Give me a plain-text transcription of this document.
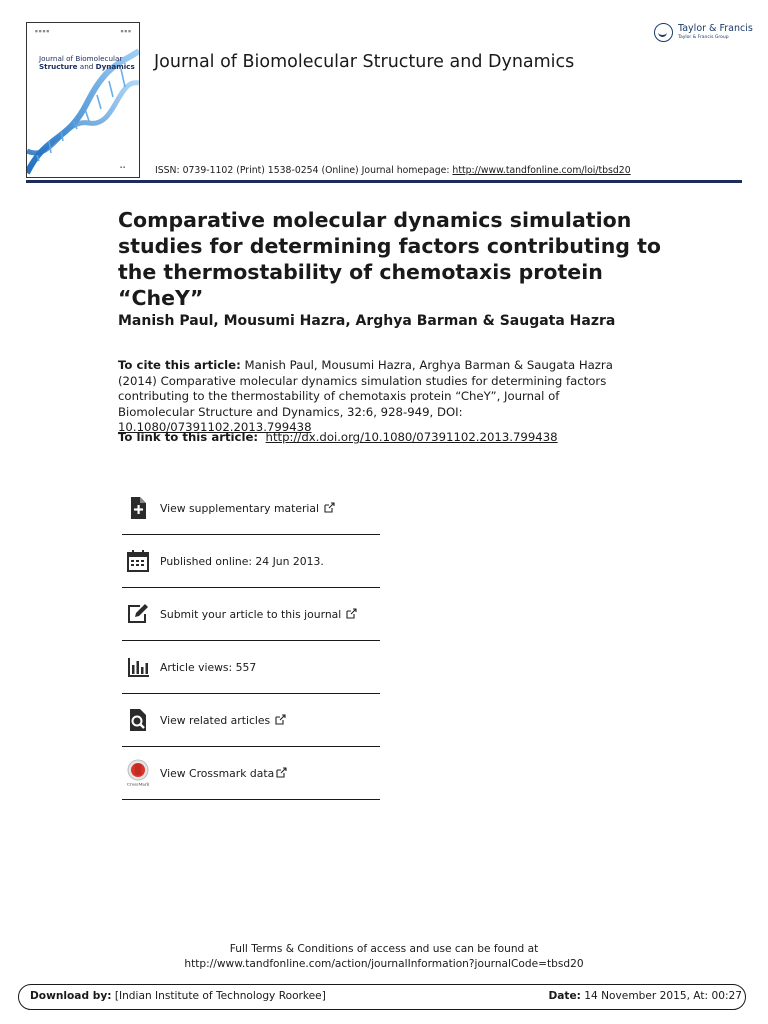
■ ■ ■ ■	■ ■ ■
Journal of Biomolecular
Structure and Dynamics
▪ ▪
Journal of Biomolecular Structure and Dynamics
Taylor & Francis
Taylor & Francis Group
ISSN: 0739-1102 (Print) 1538-0254 (Online) Journal homepage: http://www.tandfonline.com/loi/tbsd20
Comparative molecular dynamics simulation studies for determining factors contributing to the thermostability of chemotaxis protein “CheY”
Manish Paul, Mousumi Hazra, Arghya Barman & Saugata Hazra
To cite this article: Manish Paul, Mousumi Hazra, Arghya Barman & Saugata Hazra (2014) Comparative molecular dynamics simulation studies for determining factors contributing to the thermostability of chemotaxis protein “CheY”, Journal of Biomolecular Structure and Dynamics, 32:6, 928-949, DOI: 10.1080/07391102.2013.799438
To link to this article: http://dx.doi.org/10.1080/07391102.2013.799438
View supplementary material
Published online: 24 Jun 2013.
Submit your article to this journal
Article views: 557
View related articles
CrossMark
View Crossmark data
Full Terms & Conditions of access and use can be found at
http://www.tandfonline.com/action/journalInformation?journalCode=tbsd20
Download by: [Indian Institute of Technology Roorkee]	Date: 14 November 2015, At: 00:27
